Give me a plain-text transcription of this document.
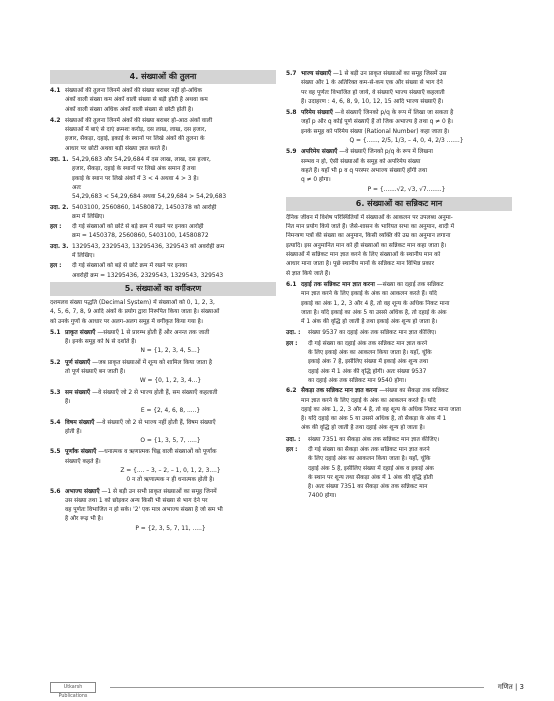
4. संख्याओं की तुलना
4.1 संख्याओं की तुलना जिनमें अंकों की संख्या बराबर नहीं हो-अधिक
अंकों वाली संख्या कम अंकों वाली संख्या से बड़ी होती है अथवा कम
अंकों वाली संख्या अधिक अंकों वाली संख्या से छोटी होती है।
4.2 संख्याओं की तुलना जिनमें अंकों की संख्या बराबर हो-आठ अंकों वाली
संख्याओं में बाएं से दाएं क्रमशः करोड़, दस लाख, लाख, दस हजार,
हजार, सैकड़ा, दहाई, इकाई के स्थानों पर लिखे अंकों की तुलना के
आधार पर छोटी अथवा बड़ी संख्या ज्ञात करते हैं।
उदा. 1. 54,29,683 और 54,29,684 में दस लाख, लाख, दस हजार,
हजार, सैकड़ा, दहाई के स्थानों पर लिखे अंक समान हैं तथा
इकाई के स्थान पर लिखे अंकों में 3 < 4 अथवा 4 > 3 है।
अतः
54,29,683 < 54,29,684 अथवा 54,29,684 > 54,29,683
उदा. 2. 5403100, 2560860, 14580872, 1450378 को आरोही
क्रम में लिखिए।
हल : दी गई संख्याओं को छोटे से बड़े क्रम में रखने पर इनका आरोही
क्रम = 1450378, 2560860, 5403100, 14580872
उदा. 3. 1329543, 2329543, 13295436, 329543 को अवरोही क्रम
में लिखिए।
हल : दी गई संख्याओं को बड़े से छोटे क्रम में रखने पर इनका
अवरोही क्रम = 13295436, 2329543, 1329543, 329543
5. संख्याओं का वर्गीकरण
दशमलव संख्या पद्धति (Decimal System) में संख्याओं को 0, 1, 2, 3,
4, 5, 6, 7, 8, 9 आदि अंकों के प्रयोग द्वारा निरूपित किया जाता है। संख्याओं
को उनके गुणों के आधार पर अलग-अलग समूह में वर्गीकृत किया गया है।
5.1 प्राकृत संख्याएँ —संख्याएँ 1 से प्रारम्भ होती हैं और अनन्त तक जाती

हैं। इनके समूह को N से दर्शाते हैं।
N = {1, 2, 3, 4, 5...}
5.2 पूर्ण संख्याएँ —जब प्राकृत संख्याओं में शून्य को शामिल किया जाता है

तो पूर्ण संख्याएँ बन जाती हैं।
W = {0, 1, 2, 3, 4...}
5.3 सम संख्याएँ —वे संख्याएँ जो 2 से भाज्य होती हैं, सम संख्याएँ कहलाती

हैं।
E = {2, 4, 6, 8, .....}
5.4 विषम संख्याएँ —वे संख्याएँ जो 2 से भाज्य नहीं होती हैं, विषम संख्याएँ

होती हैं।
O = {1, 3, 5, 7, .....}
5.5 पूर्णांक संख्याएँ —धनात्मक व ऋणात्मक चिह्न वाली संख्याओं को पूर्णांक

संख्याएँ कहते हैं।
Z = {.... – 3, – 2, – 1, 0, 1, 2, 3....}
0 न तो ऋणात्मक न ही धनात्मक होती है।
5.6 अभाज्य संख्याएँ —1 से बड़ी उन सभी प्राकृत संख्याओं का समूह जिनमें

उस संख्या तथा 1 को छोड़कर अन्य किसी भी संख्या से भाग देने पर
वह पूर्णतः विभाजित न हो सके। '2' एक मात्र अभाज्य संख्या है जो सम भी
है और रूढ़ भी है।
P = {2, 3, 5, 7, 11, .....}
5.7 भाज्य संख्याएँ —1 से बड़ी उन प्राकृत संख्याओं का समूह जिसमें उस

संख्या और 1 के अतिरिक्त कम-से-कम एक और संख्या से भाग देने
पर वह पूर्णतः विभाजित हो जाये, वे संख्याएँ भाज्य संख्याएँ कहलाती
हैं। उदाहरण : 4, 6, 8, 9, 10, 12, 15 आदि भाज्य संख्याएँ हैं।
5.8 परिमेय संख्याएँ —वे संख्याएँ जिनको p/q के रूप में लिखा जा सकता है

जहाँ p और q कोई पूर्ण संख्याएँ हैं तो जिक अभाज्य है तथा q ≠ 0 है।
इनके समूह को परिमेय संख्या (Rational Number) कहा जाता है।
Q = {......, 2/5, 1/3, – 4, 0, 4, 2/3 .......}
5.9 अपरिमेय संख्याएँ —वे संख्याएँ जिनको p/q के रूप में लिखना

सम्भव न हो, ऐसी संख्याओं के समूह को अपरिमेय संख्या
कहते हैं। यहाँ भी p व q परस्पर अभाज्य संख्याएँ होंगी तथा
q ≠ 0 होगा।
P = {.......√2, √3, √7........}
6. संख्याओं का सन्निकट मान
दैनिक जीवन में विशेष परिस्थितियों में संख्याओं के आकलन पर उपलब्ध अनुमा-
नित मान प्रयोग किये जाते हैं। जैसे-शासन के भारियत सभा का अनुमान, शादी में
निमन्त्रण पत्रों की संख्या का अनुमान, किसी व्यक्ति की उम्र का अनुमान लगाना
इत्यादि। इस अनुमानित मान को ही संख्याओं का सन्निकट मान कहा जाता है।
संख्याओं में सन्निकट मान ज्ञात करने के लिए संख्याओं के स्थानीय मान को
आधार माना जाता है। पूछे स्थानीय मानों के सन्निकट मान विभिन्न प्रकार
से ज्ञात किये जाते हैं।
6.1 दहाई तक सन्निकट मान ज्ञात करना —संख्या का दहाई तक सन्निकट

मान ज्ञात करने के लिए इकाई के अंक का आकलन करते हैं। यदि
इकाई का अंक 1, 2, 3 और 4 है, तो वह शून्य के अधिक निकट माना
जाता है। यदि इकाई का अंक 5 या उससे अधिक है, तो दहाई के अंक
में 1 अंक की वृद्धि हो जाती है तथा इकाई अंक शून्य हो जाता है।
उदा. : संख्या 9537 का दहाई अंक तक सन्निकट मान ज्ञात कीजिए।
हल : दी गई संख्या का दहाई अंक तक सन्निकट मान ज्ञात करने
के लिए इकाई अंक का आकलन किया जाता है। यहाँ, चूंकि
इकाई अंक 7 है, इसीलिए संख्या में इकाई अंक शून्य तथा
दहाई अंक में 1 अंक की वृद्धि होगी। अतः संख्या 9537
का दहाई अंक तक सन्निकट मान 9540 होगा।
6.2 सैकड़ा तक सन्निकट मान ज्ञात करना —संख्या का सैकड़ा तक सन्निकट

मान ज्ञात करने के लिए दहाई के अंक का आकलन करते हैं। यदि
दहाई का अंक 1, 2, 3 और 4 है, तो वह शून्य के अधिक निकट माना जाता
है। यदि दहाई का अंक 5 या उससे अधिक है, तो सैकड़ा के अंक में 1
अंक की वृद्धि हो जाती है तथा दहाई अंक शून्य हो जाता है।
उदा. : संख्या 7351 का सैकड़ा अंक तक सन्निकट मान ज्ञात कीजिए।
हल : दी गई संख्या का सैकड़ा अंक तक सन्निकट मान ज्ञात करने
के लिए दहाई अंक का आकलन किया जाता है। यहाँ, चूंकि
दहाई अंक 5 है, इसीलिए संख्या में दहाई अंक व इकाई अंक
के स्थान पर शून्य तथा सैकड़ा अंक में 1 अंक की वृद्धि होती
है। अतः संख्या 7351 का सैकड़ा अंक तक सन्निकट मान
7400 होगा।
Utkarsh Publications
गणित | 3
